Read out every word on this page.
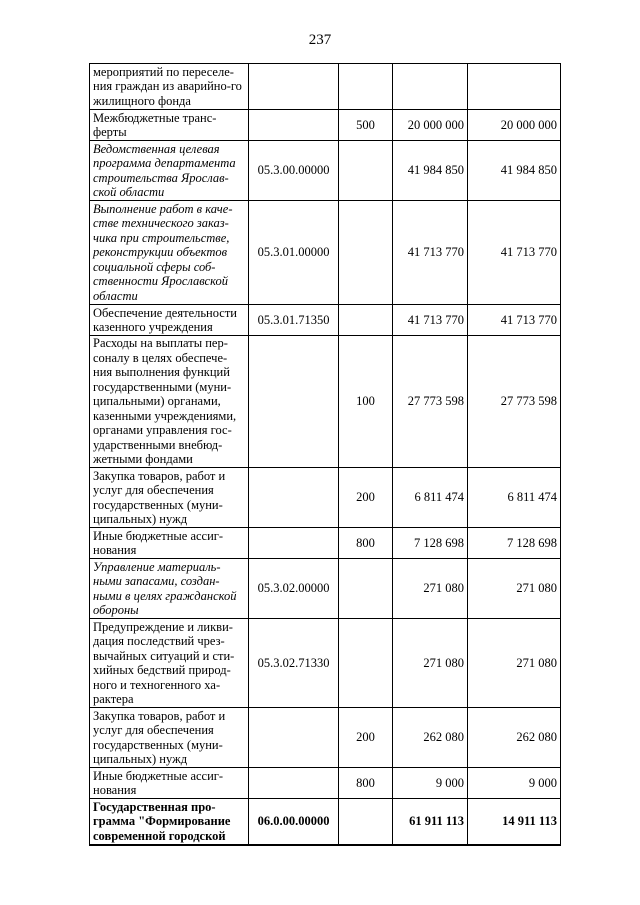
237
мероприятий по переселе-ния граждан из аварийно-го жилищного фонда				
Межбюджетные транс-ферты		500	20 000 000	20 000 000
Ведомственная целевая программа департамента строительства Ярослав-ской области	05.3.00.00000		41 984 850	41 984 850
Выполнение работ в каче-стве технического заказ-чика при строительстве, реконструкции объектов социальной сферы соб-ственности Ярославской области	05.3.01.00000		41 713 770	41 713 770
Обеспечение деятельности казенного учреждения	05.3.01.71350		41 713 770	41 713 770
Расходы на выплаты пер-соналу в целях обеспече-ния выполнения функций государственными (муни-ципальными) органами, казенными учреждениями, органами управления гос-ударственными внебюд-жетными фондами		100	27 773 598	27 773 598
Закупка товаров, работ и услуг для обеспечения государственных (муни-ципальных) нужд		200	6 811 474	6 811 474
Иные бюджетные ассиг-нования		800	7 128 698	7 128 698
Управление материаль-ными запасами, создан-ными в целях гражданской обороны	05.3.02.00000		271 080	271 080
Предупреждение и ликви-дация последствий чрез-вычайных ситуаций и сти-хийных бедствий природ-ного и техногенного ха-рактера	05.3.02.71330		271 080	271 080
Закупка товаров, работ и услуг для обеспечения государственных (муни-ципальных) нужд		200	262 080	262 080
Иные бюджетные ассиг-нования		800	9 000	9 000
Государственная про-грамма "Формирование современной городской	06.0.00.00000		61 911 113	14 911 113
